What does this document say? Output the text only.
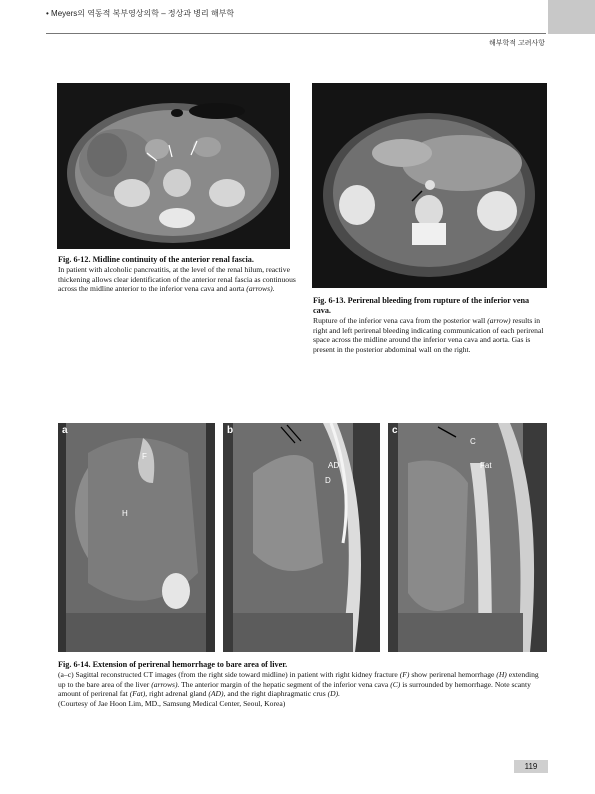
• Meyers의 역동적 복부영상의학 – 정상과 병리 해부학
해부학적 고려사항
Fig. 6-12. Midline continuity of the anterior renal fascia.
In patient with alcoholic pancreatitis, at the level of the renal hilum, reactive thickening allows clear identification of the anterior renal fascia as continuous across the midline anterior to the inferior vena cava and aorta (arrows).
Fig. 6-13. Perirenal bleeding from rupture of the inferior vena cava.
Rupture of the inferior vena cava from the posterior wall (arrow) results in right and left perirenal bleeding indicating communication of each perirenal space across the midline around the inferior vena cava and aorta. Gas is present in the posterior abdominal wall on the right.
a
F
H
b
AD
D
c
C
Fat
Fig. 6-14. Extension of perirenal hemorrhage to bare area of liver.
(a–c) Sagittal reconstructed CT images (from the right side toward midline) in patient with right kidney fracture (F) show perirenal hemorrhage (H) extending up to the bare area of the liver (arrows). The anterior margin of the hepatic segment of the inferior vena cava (C) is surrounded by hemorrhage. Note scanty amount of perirenal fat (Fat), right adrenal gland (AD), and the right diaphragmatic crus (D).
(Courtesy of Jae Hoon Lim, MD., Samsung Medical Center, Seoul, Korea)
119
